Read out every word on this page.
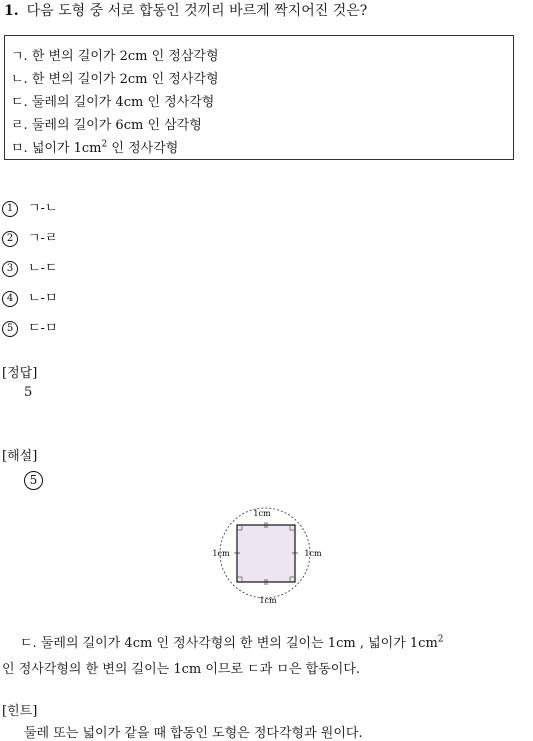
1. 다음 도형 중 서로 합동인 것끼리 바르게 짝지어진 것은?
ㄱ. 한 변의 길이가 2cm 인 정삼각형
ㄴ. 한 변의 길이가 2cm 인 정사각형
ㄷ. 둘레의 길이가 4cm 인 정사각형
ㄹ. 둘레의 길이가 6cm 인 삼각형
ㅁ. 넓이가 $1cm^2$ 인 정사각형
1 ㄱ-ㄴ
2 ㄱ-ㄹ
3 ㄴ-ㄷ
4 ㄴ-ㅁ
5 ㄷ-ㅁ
[정답]
5
[해설]
5
1cm
1cm	1cm
1cm
ㄷ. 둘레의 길이가 4cm 인 정사각형의 한 변의 길이는 1cm , 넓이가 $1cm^2$
인 정사각형의 한 변의 길이는 1cm 이므로 ㄷ과 ㅁ은 합동이다.
[힌트]
둘레 또는 넓이가 같을 때 합동인 도형은 정다각형과 원이다.
